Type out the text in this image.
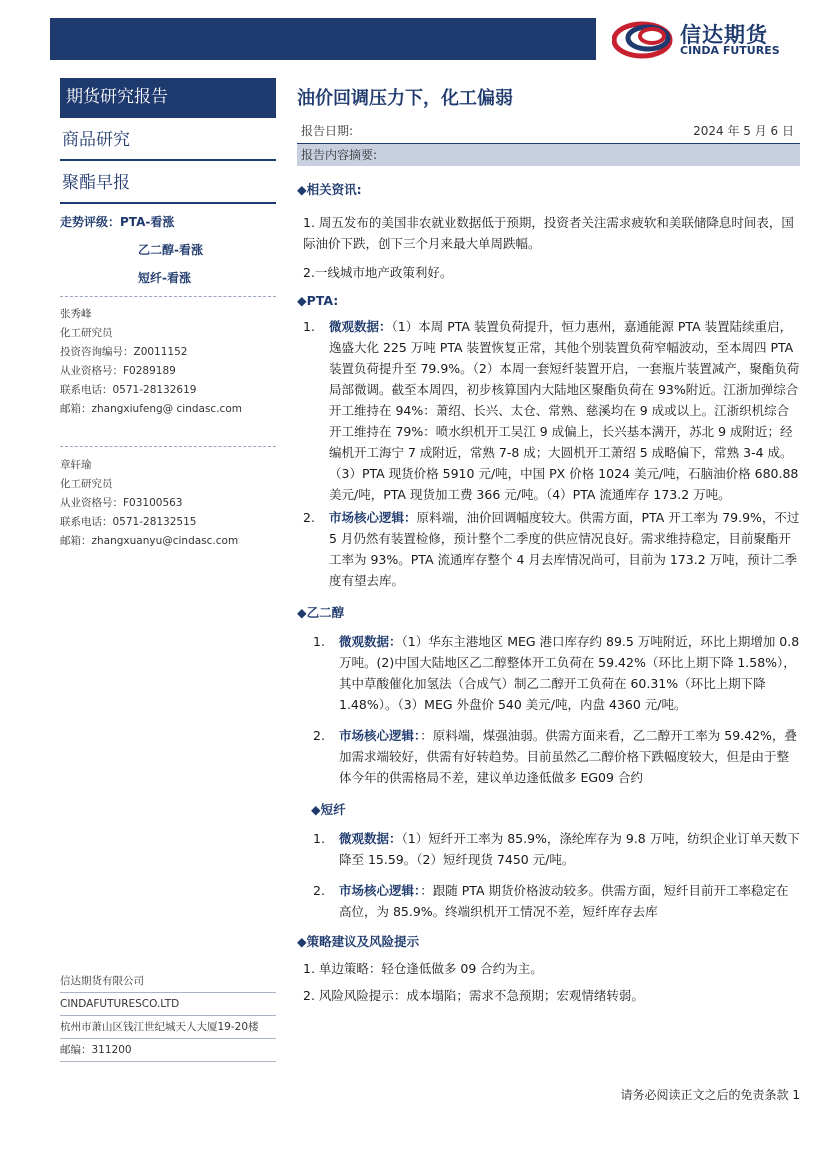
信达期货
CINDA FUTURES
期货研究报告
商品研究
聚酯早报
走势评级：PTA-看涨
乙二醇-看涨
短纤-看涨
张秀峰
化工研究员
投资咨询编号：Z0011152
从业资格号：F0289189
联系电话：0571-28132619
邮箱：zhangxiufeng@ cindasc.com
章轩瑜
化工研究员
从业资格号：F03100563
联系电话：0571-28132515
邮箱：zhangxuanyu@cindasc.com
信达期货有限公司
CINDAFUTURESCO.LTD
杭州市萧山区钱江世纪城天人大厦19-20楼
邮编：311200
油价回调压力下，化工偏弱
报告日期:	2024 年 5 月 6 日
报告内容摘要:

◆相关资讯:

1. 周五发布的美国非农就业数据低于预期，投资者关注需求疲软和美联储降息时间表，国际油价下跌，创下三个月来最大单周跌幅。

2.一线城市地产政策利好。

◆PTA:

1.	微观数据：（1）本周 PTA 装置负荷提升，恒力惠州，嘉通能源 PTA 装置陆续重启，逸盛大化 225 万吨 PTA 装置恢复正常，其他个别装置负荷窄幅波动，至本周四 PTA 装置负荷提升至 79.9%。（2）本周一套短纤装置开启，一套瓶片装置减产，聚酯负荷局部微调。截至本周四，初步核算国内大陆地区聚酯负荷在 93%附近。江浙加弹综合开工维持在 94%：萧绍、长兴、太仓、常熟、慈溪均在 9 成或以上。江浙织机综合开工维持在 79%：喷水织机开工吴江 9 成偏上，长兴基本满开，苏北 9 成附近；经编机开工海宁 7 成附近，常熟 7-8 成；大圆机开工萧绍 5 成略偏下，常熟 3-4 成。（3）PTA 现货价格 5910 元/吨，中国 PX 价格 1024 美元/吨，石脑油价格 680.88 美元/吨，PTA 现货加工费 366 元/吨。（4）PTA 流通库存 173.2 万吨。
2.	市场核心逻辑：原料端，油价回调幅度较大。供需方面，PTA 开工率为 79.9%，不过 5 月仍然有装置检修，预计整个二季度的供应情况良好。需求维持稳定，目前聚酯开工率为 93%。PTA 流通库存整个 4 月去库情况尚可，目前为 173.2 万吨，预计二季度有望去库。

◆乙二醇

1.	微观数据：（1）华东主港地区 MEG 港口库存约 89.5 万吨附近，环比上期增加 0.8 万吨。(2)中国大陆地区乙二醇整体开工负荷在 59.42%（环比上期下降 1.58%），其中草酸催化加氢法（合成气）制乙二醇开工负荷在 60.31%（环比上期下降 1.48%）。（3）MEG 外盘价 540 美元/吨，内盘 4360 元/吨。
2.	市场核心逻辑：：原料端，煤强油弱。供需方面来看，乙二醇开工率为 59.42%，叠加需求端较好，供需有好转趋势。目前虽然乙二醇价格下跌幅度较大，但是由于整体今年的供需格局不差，建议单边逢低做多 EG09 合约

◆短纤

1.	微观数据：（1）短纤开工率为 85.9%，涤纶库存为 9.8 万吨，纺织企业订单天数下降至 15.59。（2）短纤现货 7450 元/吨。
2.	市场核心逻辑：：跟随 PTA 期货价格波动较多。供需方面，短纤目前开工率稳定在高位，为 85.9%。终端织机开工情况不差，短纤库存去库

◆策略建议及风险提示

1. 单边策略：轻仓逢低做多 09 合约为主。

2. 风险风险提示：成本塌陷；需求不急预期；宏观情绪转弱。

请务必阅读正文之后的免责条款 1
